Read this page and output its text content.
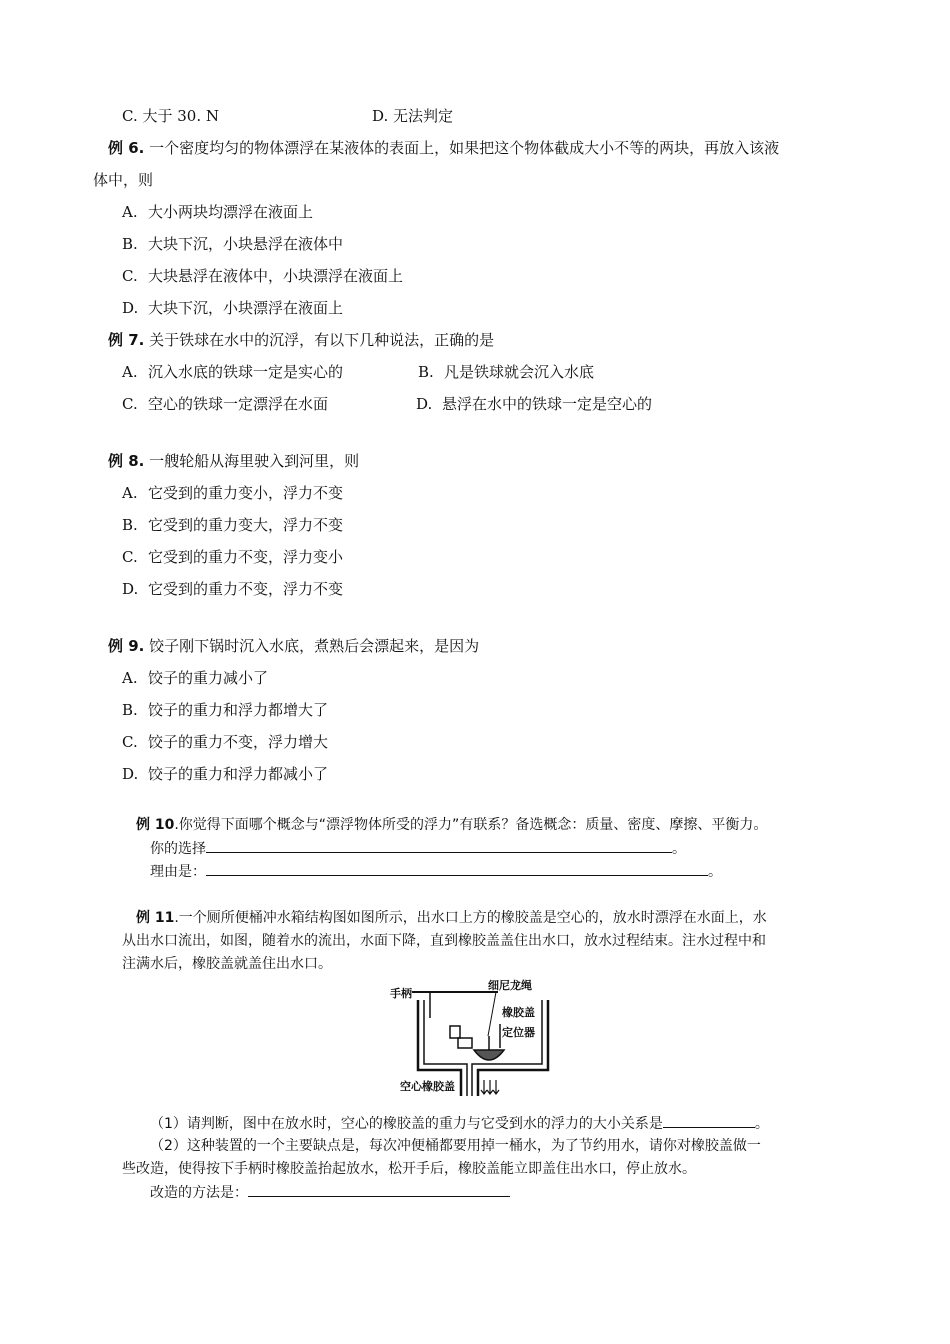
C. 大于 30. N	D. 无法判定
例 6. 一个密度均匀的物体漂浮在某液体的表面上，如果把这个物体截成大小不等的两块，再放入该液
体中，则
A. 大小两块均漂浮在液面上
B. 大块下沉，小块悬浮在液体中
C. 大块悬浮在液体中，小块漂浮在液面上
D. 大块下沉，小块漂浮在液面上
例 7. 关于铁球在水中的沉浮，有以下几种说法，正确的是
A. 沉入水底的铁球一定是实心的	B. 凡是铁球就会沉入水底
C. 空心的铁球一定漂浮在水面	D. 悬浮在水中的铁球一定是空心的
例 8. 一艘轮船从海里驶入到河里，则
A. 它受到的重力变小，浮力不变
B. 它受到的重力变大，浮力不变
C. 它受到的重力不变，浮力变小
D. 它受到的重力不变，浮力不变
例 9. 饺子刚下锅时沉入水底，煮熟后会漂起来，是因为
A. 饺子的重力减小了
B. 饺子的重力和浮力都增大了
C. 饺子的重力不变，浮力增大
D. 饺子的重力和浮力都减小了
例 10.你觉得下面哪个概念与“漂浮物体所受的浮力”有联系？备选概念：质量、密度、摩擦、平衡力。
你的选择	。
理由是：	。
例 11.一个厕所便桶冲水箱结构图如图所示，出水口上方的橡胶盖是空心的，放水时漂浮在水面上，水
从出水口流出，如图，随着水的流出，水面下降，直到橡胶盖盖住出水口，放水过程结束。注水过程中和
注满水后，橡胶盖就盖住出水口。
手柄
细尼龙绳
橡胶盖
定位器
空心橡胶盖
（1）请判断，图中在放水时，空心的橡胶盖的重力与它受到水的浮力的大小关系是	。
（2）这种装置的一个主要缺点是，每次冲便桶都要用掉一桶水，为了节约用水，请你对橡胶盖做一
些改造，使得按下手柄时橡胶盖抬起放水，松开手后，橡胶盖能立即盖住出水口，停止放水。
改造的方法是：
